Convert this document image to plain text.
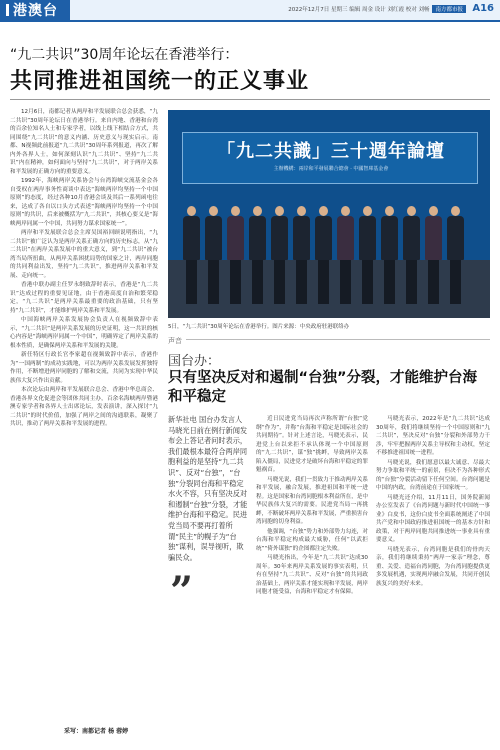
港澳台	2022年12月7日 星期三 编辑 周金 设计 刘红霞 校对 刘畅 南方都市报 A16
“九二共识”30周年论坛在香港举行：
共同推进祖国统一的正义事业

12月6日，南都记者从两岸和平发展联合总会获悉，“九二共识”30周年论坛日在香港举行。来自内地、香港和台湾的百余位知名人士和专家学者，以线上线下相结合方式，共同围绕“九二共识”的意义内涵、历史意义与现实启示。南都、N视频此前报道“九二共识”30周年系列报道，再次了解内外各界人士，如何深刻认识“九二共识”、坚持“九二共识”内在精神，如何面向与坚持“九二共识”，对于两岸关系和平发展的正确方向的重要意义。

1992年，海峡两岸关系协会与台湾海峡交流基金会各自受权在两岸事务性商谈中表达“海峡两岸均坚持一个中国原则”的态度，经过各种10月香港会谈及其后一系列函电往来，达成了各自以口头方式表述“海峡两岸均坚持一个中国原则”的共识，后来被概括为“九二共识”，其核心要义是“海峡两岸同属一个中国，共同努力谋求国家统一”。

两岸和平发展联合总会主席吴国裕回顾说明指出，“九二共识”被广泛认为是两岸关系正确方向的历史标志，从“九二共识”在两岸关系发展中的重大意义，到“九二共识”被台湾当局所扭曲，从两岸关系困扰局势的国家之计，两岸同胞的共同利益出发，坚持“九二共识”，推进两岸关系和平发展、走向统一。

香港中联办副主任罗永纲致辞时表示，香港是“九二共识”达成过程的重要见证地，由于香港高度自治和繁荣稳定，“九二共识”是两岸关系最重要的政治基础，只有坚持“九二共识”，才能维护两岸关系和平发展。

中国海峡两岸关系发展协会负责人在视频致辞中表示，“九二共识”是两岸关系发展的历史证明，这一共识的核心内容是“海峡两岸同属一个中国”，明确界定了两岸关系的根本性质，是确保两岸关系和平发展的关键。

新任特区行政长官李家超在视频致辞中表示，香港作为“一国两制”的成功实践地，可以为两岸关系发展发挥独特作用，不断增进两岸同胞的了解和交流，共同为实现中华民族伟大复兴作出贡献。

本次论坛由两岸和平发展联合总会、香港中华总商会、香港各界文化促进会等团体共同主办，百余名海峡两岸暨港澳专家学者和各界人士出席论坛，发表演讲，深入探讨“九二共识”的时代价值，加强了两岸之间的沟通联系，凝聚了共识，推动了两岸关系和平发展的进程。

采写：南都记者 杨 蓉婷
「九二共識」三十週年論壇
主辦機構：兩岸和平發展聯合總會 · 中國智庫基金會
5日，“九二共识”30周年论坛在香港举行。图片来源：中央政府驻港联络办
声音
国台办：
只有坚决反对和遏制“台独”分裂，才能维护台海和平稳定
新华社电 国台办发言人马晓光日前在例行新闻发布会上答记者问时表示，我们最根本最符合两岸同胞利益的是坚持“九二共识”、反对“台独”，“台独”分裂同台海和平稳定水火不容，只有坚决反对和遏制“台独”分裂，才能维护台海和平稳定。民进党当局不要再打着所谓“民主”的幌子为“台独”谋利，误导视听，欺骗民众。
”

近日民进党当局再次声称所谓“台独”党纲“作为”，并称“台海和平稳定是国际社会的共同期待”。针对上述言论，马晓光表示，民进党上台以来拒不承认体现一个中国原则的“九二共识”，谋“独”挑衅，导致两岸关系陷入僵局，民进党才是破坏台海和平稳定的罪魁祸首。

马晓光说，我们一贯致力于推动两岸关系和平发展，融合发展，推进祖国和平统一进程。这是国家和台湾同胞根本利益所在，是中华民族伟大复兴的需要。民进党当局一再挑衅，不断破坏两岸关系和平发展，严重损害台湾同胞的切身利益。

他强调，“台独”势力和外部势力勾连，对台海和平稳定构成最大威胁，任何“以武拒统”“倚外谋独”的企图都注定失败。

马晓光指出，今年是“九二共识”达成30周年。30年来两岸关系发展的事实表明，只有在坚持“九二共识”、反对“台独”的共同政治基础上，两岸关系才能实现和平发展，两岸同胞才能受益，台海和平稳定才有保障。

马晓光表示，2022年是“九二共识”达成30周年，我们将继续坚持一个中国原则和“九二共识”，坚决反对“台独”分裂和外部势力干涉，牢牢把握两岸关系主导权和主动权，坚定不移推进祖国统一进程。

马晓光说，我们愿意以最大诚意、尽最大努力争取和平统一的前景，但决不为各种形式的“台独”分裂活动留下任何空间。台湾问题是中国的内政，台湾前途在于国家统一。

马晓光还介绍，11月11日，国务院新闻办公室发表了《台湾问题与新时代中国统一事业》白皮书，这份白皮书全面系统阐述了中国共产党和中国政府推进祖国统一的基本方针和政策，对于两岸同胞共同推进统一事业具有重要意义。

马晓光表示，台湾同胞是我们的骨肉天亲，我们将继续秉持“两岸一家亲”理念，尊重、关爱、造福台湾同胞，为台湾同胞提供更多发展机遇，实现两岸融合发展，共同开创民族复兴的美好未来。
